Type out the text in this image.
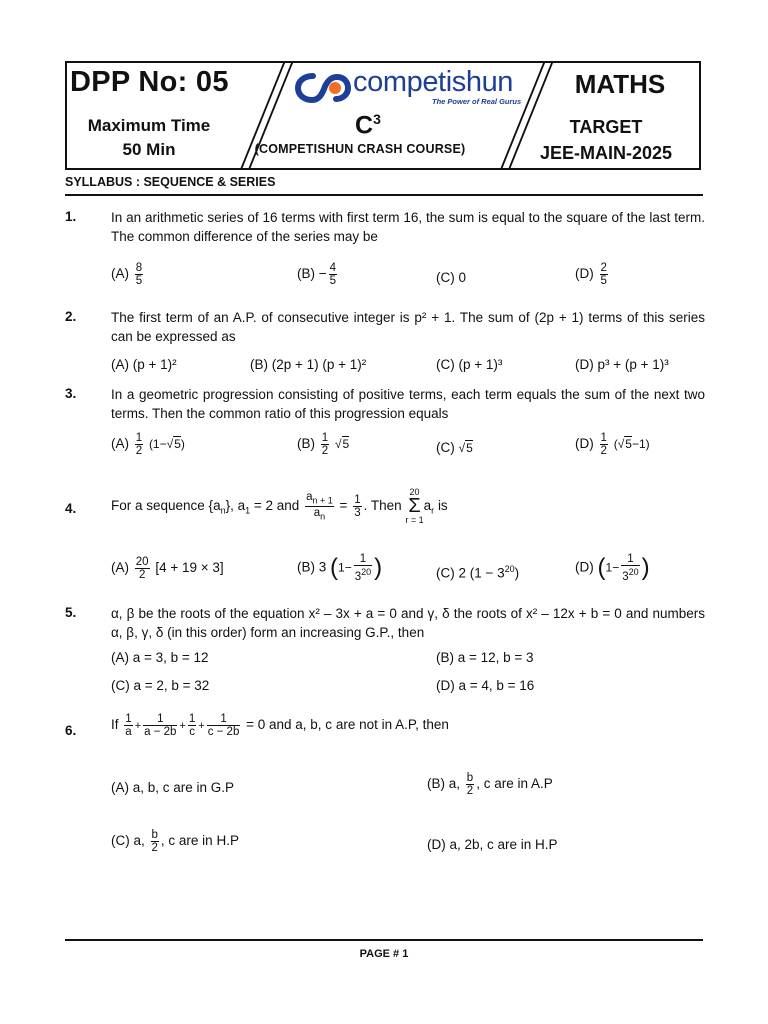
DPP No: 05
Maximum Time
50 Min
competishun
The Power of Real Gurus
$C^3$
(COMPETISHUN CRASH COURSE)
MATHS
TARGET
JEE-MAIN-2025
SYLLABUS : SEQUENCE & SERIES
1.	In an arithmetic series of 16 terms with first term 16, the sum is equal to the square of the last term. The common difference of the series may be
$(A) \frac{8}{5}$	$(B) - \frac{4}{5}$	(C) 0	$(D) \frac{2}{5}$
2.	The first term of an A.P. of consecutive integer is p² + 1. The sum of (2p + 1) terms of this series can be expressed as
(A) (p + 1)²	(B) (2p + 1) (p + 1)²	(C) (p + 1)³	(D) p³ + (p + 1)³
3.	In a geometric progression consisting of positive terms, each term equals the sum of the next two terms. Then the common ratio of this progression equals
$(A) \frac{1}{2} (1-√5)$	$(B) \frac{1}{2} √5$	(C) √5	$(D) \frac{1}{2} (√5-1)$
4.	For a sequence $\{a_n\}$, $a_1 = 2$ and $\frac{a_{n + 1}}{a_n} = \frac{1}{3}$ . Then
20
Σ
r = 1
$a_r$ is
$(A) \frac{20}{2} [4 + 19 \times 3]$	(B) 3 ($1- \frac{1}{3^{20}}$ )	(C) 2 $(1 - 3^{20})$	(D) ($1- \frac{1}{3^{20}}$ )
5.	α, β be the roots of the equation x² – 3x + a = 0 and γ, δ the roots of x² – 12x + b = 0 and numbers α, β, γ, δ (in this order) form an increasing G.P., then
(A) a = 3, b = 12	(B) a = 12, b = 3
(C) a = 2, b = 32	(D) a = 4, b = 16
6.	If $\frac{1}{a} + \frac{1}{a - 2b} + \frac{1}{c} + \frac{1}{c - 2b} = 0$ and a, b, c are not in A.P, then
(A) a, b, c are in G.P	(B) a, $\frac{b}{2}$ , c are in A.P
(C) a, $\frac{b}{2}$ , c are in H.P	(D) a, 2b, c are in H.P
PAGE # 1
